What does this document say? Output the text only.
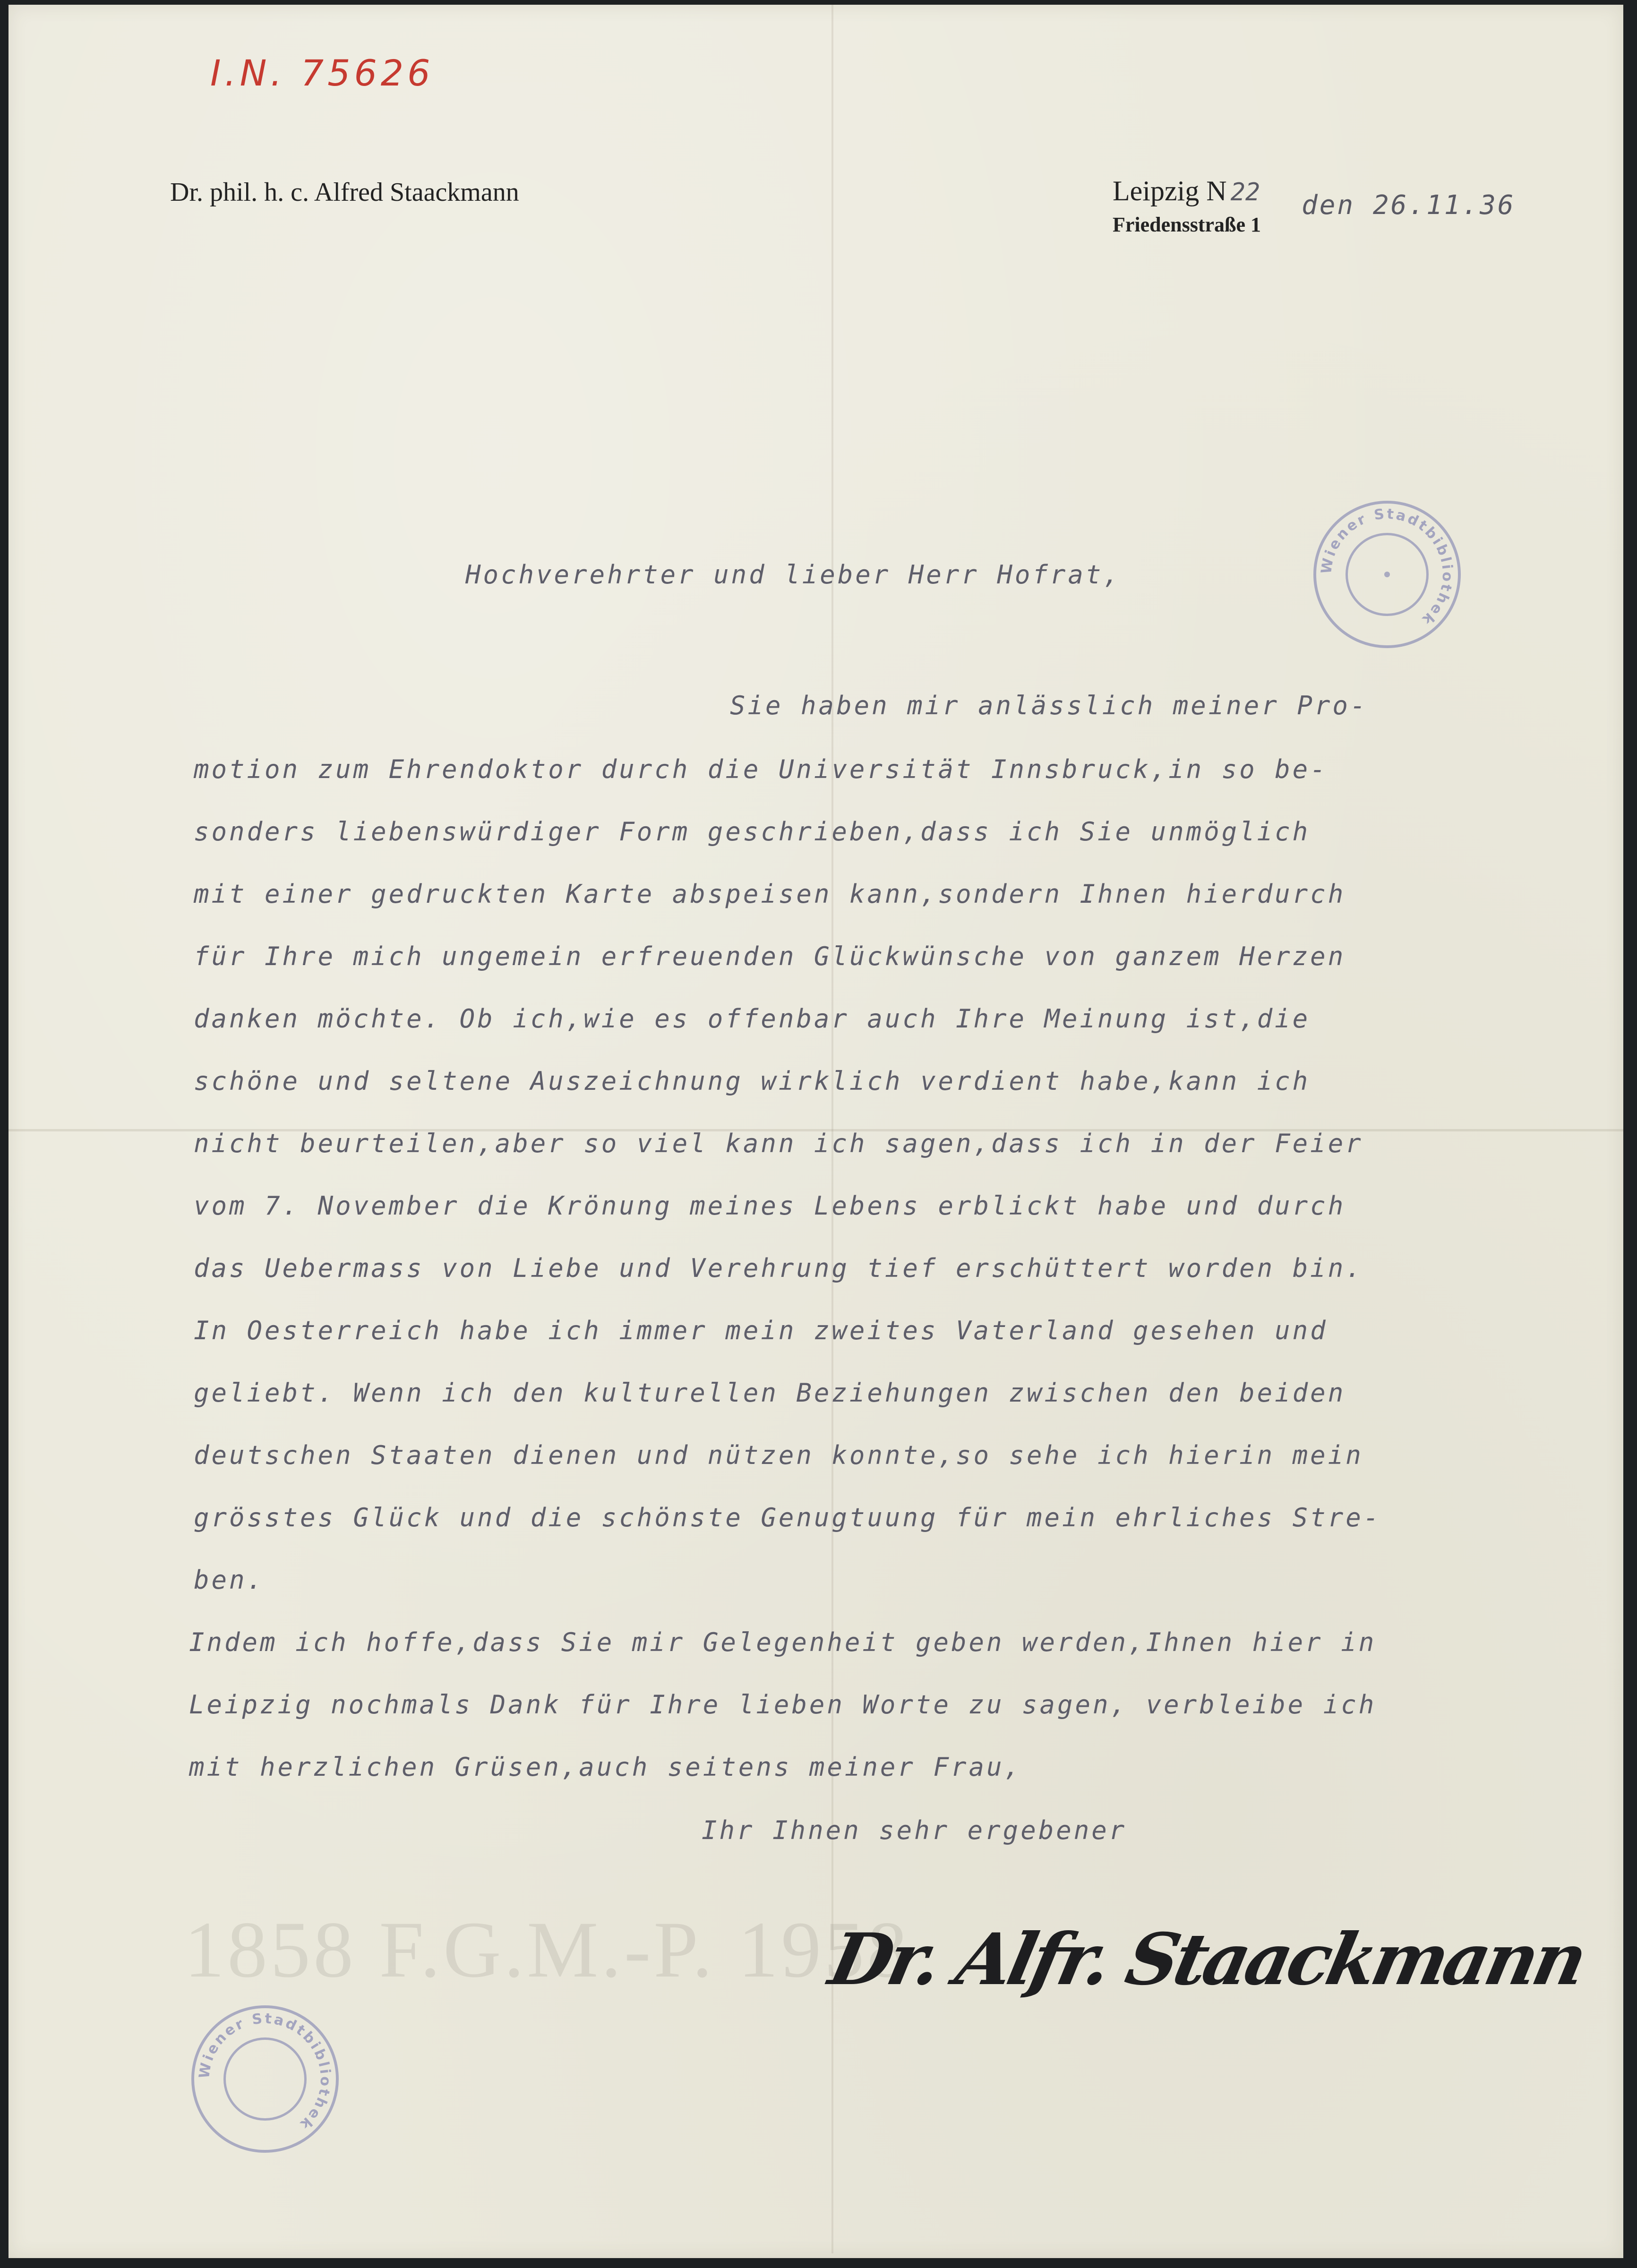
I.N. 75626
Dr. phil. h. c. Alfred Staackmann	Leipzig N 22
Friedensstraße 1
den 26.11.36
Hochverehrter und lieber Herr Hofrat,
Sie haben mir anlässlich meiner Pro-
motion zum Ehrendoktor durch die Universität Innsbruck,in so be-
sonders liebenswürdiger Form geschrieben,dass ich Sie unmöglich
mit einer gedruckten Karte abspeisen kann,sondern Ihnen hierdurch
für Ihre mich ungemein erfreuenden Glückwünsche von ganzem Herzen
danken möchte. Ob ich,wie es offenbar auch Ihre Meinung ist,die
schöne und seltene Auszeichnung wirklich verdient habe,kann ich
nicht beurteilen,aber so viel kann ich sagen,dass ich in der Feier
vom 7. November die Krönung meines Lebens erblickt habe und durch
das Uebermass von Liebe und Verehrung tief erschüttert worden bin.
In Oesterreich habe ich immer mein zweites Vaterland gesehen und
geliebt. Wenn ich den kulturellen Beziehungen zwischen den beiden
deutschen Staaten dienen und nützen konnte,so sehe ich hierin mein
grösstes Glück und die schönste Genugtuung für mein ehrliches Stre-
ben.
Indem ich hoffe,dass Sie mir Gelegenheit geben werden,Ihnen hier in
Leipzig nochmals Dank für Ihre lieben Worte zu sagen, verbleibe ich
mit herzlichen Grüsen,auch seitens meiner Frau,
Ihr Ihnen sehr ergebener
1858 F.G.M.-P. 1958
Dr. Alfr. Staackmann
Wiener Stadtbibliothek
Wiener Stadtbibliothek
